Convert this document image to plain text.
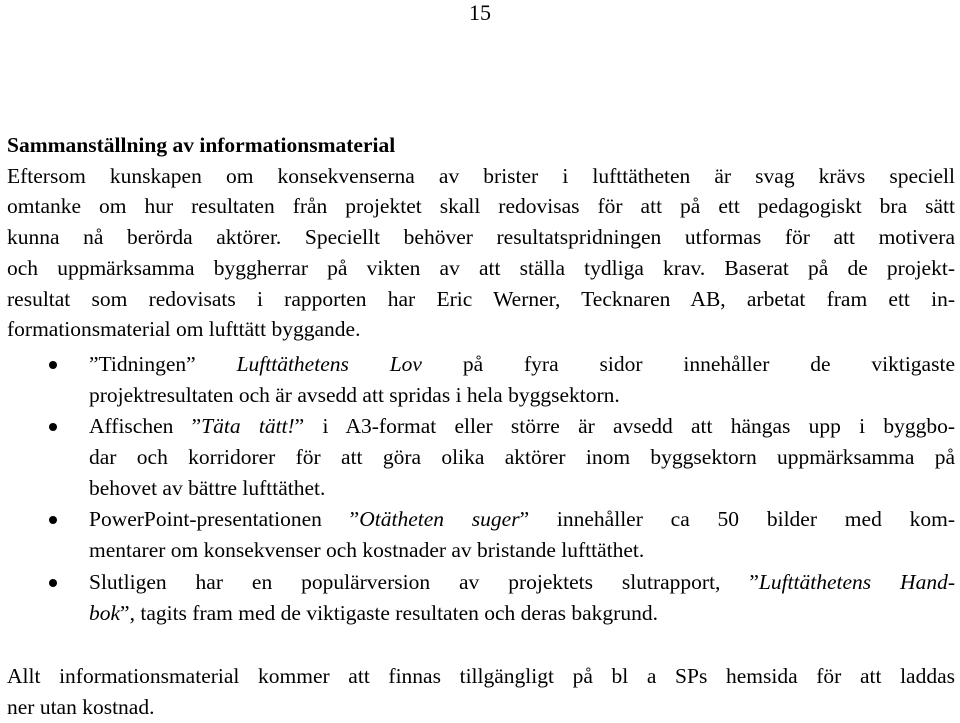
15

Sammanställning av informationsmaterial

Eftersom kunskapen om konsekvenserna av brister i lufttätheten är svag krävs speciell
omtanke om hur resultaten från projektet skall redovisas för att på ett pedagogiskt bra sätt
kunna nå berörda aktörer. Speciellt behöver resultatspridningen utformas för att motivera
och uppmärksamma byggherrar på vikten av att ställa tydliga krav. Baserat på de projekt-
resultat som redovisats i rapporten har Eric Werner, Tecknaren AB, arbetat fram ett in-
formationsmaterial om lufttätt byggande.

”Tidningen” Lufttäthetens Lov på fyra sidor innehåller de viktigaste
projektresultaten och är avsedd att spridas i hela byggsektorn.
Affischen ”Täta tätt!” i A3-format eller större är avsedd att hängas upp i byggbo-
dar och korridorer för att göra olika aktörer inom byggsektorn uppmärksamma på
behovet av bättre lufttäthet.
PowerPoint-presentationen ”Otätheten suger” innehåller ca 50 bilder med kom-
mentarer om konsekvenser och kostnader av bristande lufttäthet.
Slutligen har en populärversion av projektets slutrapport, ”Lufttäthetens Hand-
bok”, tagits fram med de viktigaste resultaten och deras bakgrund.

Allt informationsmaterial kommer att finnas tillgängligt på bl a SPs hemsida för att laddas
ner utan kostnad.
